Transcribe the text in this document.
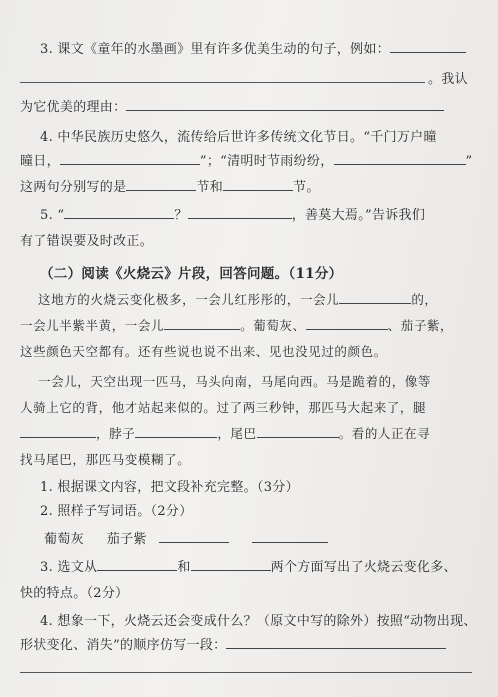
3. 课文《童年的水墨画》里有许多优美生动的句子，例如：
。我认
为它优美的理由：
4. 中华民族历史悠久，流传给后世许多传统文化节日。“千门万户曈
曈日，	”；“清明时节雨纷纷，	”
这两句分别写的是	节和	节。
5. “	？	，善莫大焉。”告诉我们
有了错误要及时改正。
（二）阅读《火烧云》片段，回答问题。（11分）
这地方的火烧云变化极多，一会儿红彤彤的，一会儿	的，
一会儿半紫半黄，一会儿	。葡萄灰、	、茄子紫，
这些颜色天空都有。还有些说也说不出来、见也没见过的颜色。
一会儿，天空出现一匹马，马头向南，马尾向西。马是跪着的，像等
人骑上它的背，他才站起来似的。过了两三秒钟，那匹马大起来了，腿
，脖子	，尾巴	。看的人正在寻
找马尾巴，那匹马变模糊了。
1. 根据课文内容，把文段补充完整。（3分）
2. 照样子写词语。（2分）
葡萄灰 茄子紫
3. 选文从	和	两个方面写出了火烧云变化多、
快的特点。（2分）
4. 想象一下，火烧云还会变成什么？（原文中写的除外）按照“动物出现、
形状变化、消失”的顺序仿写一段：
